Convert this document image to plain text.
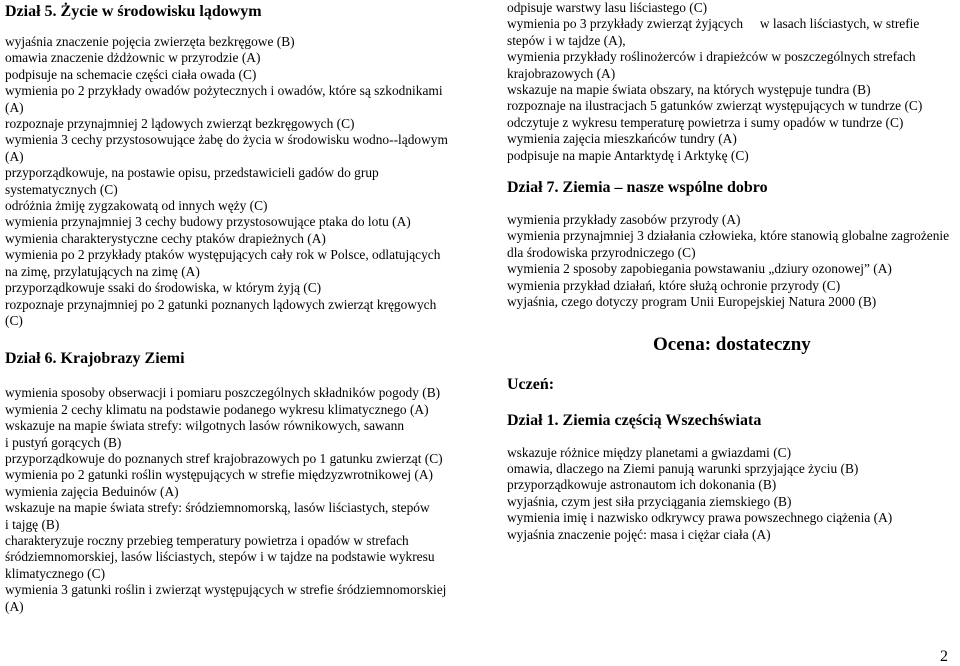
Dział 5. Życie w środowisku lądowym
wyjaśnia znaczenie pojęcia zwierzęta bezkręgowe (B)
omawia znaczenie dżdżownic w przyrodzie (A)
podpisuje na schemacie części ciała owada (C)
wymienia po 2 przykłady owadów pożytecznych i owadów, które są szkodnikami
(A)
rozpoznaje przynajmniej 2 lądowych zwierząt bezkręgowych (C)
wymienia 3 cechy przystosowujące żabę do życia w środowisku wodno--lądowym
(A)
przyporządkowuje, na postawie opisu, przedstawicieli gadów do grup
systematycznych (C)
odróżnia żmiję zygzakowatą od innych węży (C)
wymienia przynajmniej 3 cechy budowy przystosowujące ptaka do lotu (A)
wymienia charakterystyczne cechy ptaków drapieżnych (A)
wymienia po 2 przykłady ptaków występujących cały rok w Polsce, odlatujących
na zimę, przylatujących na zimę (A)
przyporządkowuje ssaki do środowiska, w którym żyją (C)
rozpoznaje przynajmniej po 2 gatunki poznanych lądowych zwierząt kręgowych
(C)
Dział 6. Krajobrazy Ziemi
wymienia sposoby obserwacji i pomiaru poszczególnych składników pogody (B)
wymienia 2 cechy klimatu na podstawie podanego wykresu klimatycznego (A)
wskazuje na mapie świata strefy: wilgotnych lasów równikowych, sawann
i pustyń gorących (B)
przyporządkowuje do poznanych stref krajobrazowych po 1 gatunku zwierząt (C)
wymienia po 2 gatunki roślin występujących w strefie międzyzwrotnikowej (A)
wymienia zajęcia Beduinów (A)
wskazuje na mapie świata strefy: śródziemnomorską, lasów liściastych, stepów
i tajgę (B)
charakteryzuje roczny przebieg temperatury powietrza i opadów w strefach
śródziemnomorskiej, lasów liściastych, stepów i w tajdze na podstawie wykresu
klimatycznego (C)
wymienia 3 gatunki roślin i zwierząt występujących w strefie śródziemnomorskiej
(A)
odpisuje warstwy lasu liściastego (C)
wymienia po 3 przykłady zwierząt żyjących     w lasach liściastych, w strefie
stepów i w tajdze (A),
wymienia przykłady roślinożerców i drapieżców w poszczególnych strefach
krajobrazowych (A)
wskazuje na mapie świata obszary, na których występuje tundra (B)
rozpoznaje na ilustracjach 5 gatunków zwierząt występujących w tundrze (C)
odczytuje z wykresu temperaturę powietrza i sumy opadów w tundrze (C)
wymienia zajęcia mieszkańców tundry (A)
podpisuje na mapie Antarktydę i Arktykę (C)
Dział 7. Ziemia – nasze wspólne dobro
wymienia przykłady zasobów przyrody (A)
wymienia przynajmniej 3 działania człowieka, które stanowią globalne zagrożenie
dla środowiska przyrodniczego (C)
wymienia 2 sposoby zapobiegania powstawaniu „dziury ozonowej” (A)
wymienia przykład działań, które służą ochronie przyrody (C)
wyjaśnia, czego dotyczy program Unii Europejskiej Natura 2000 (B)
Uczeń:
Dział 1. Ziemia częścią Wszechświata
wskazuje różnice między planetami a gwiazdami (C)
omawia, dlaczego na Ziemi panują warunki sprzyjające życiu (B)
przyporządkowuje astronautom ich dokonania (B)
wyjaśnia, czym jest siła przyciągania ziemskiego (B)
wymienia imię i nazwisko odkrywcy prawa powszechnego ciążenia (A)
wyjaśnia znaczenie pojęć: masa i ciężar ciała (A)
Ocena: dostateczny
2
